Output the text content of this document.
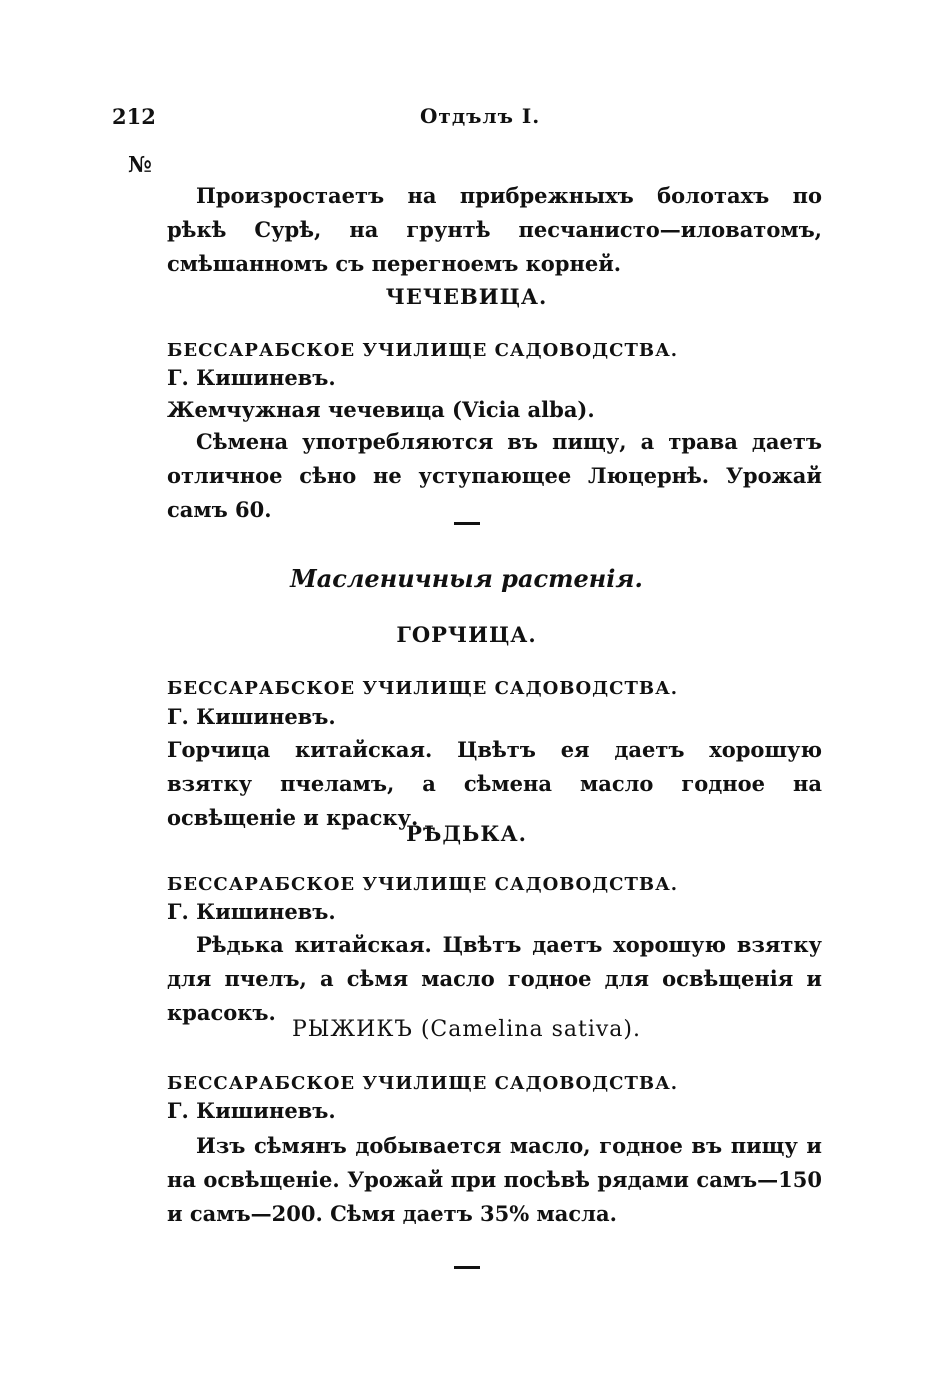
212	Отдълъ I.
№
Произростаетъ на прибрежныхъ болотахъ по рѣкѣ Сурѣ, на грунтѣ песчанисто—иловатомъ, смѣшанномъ съ перегноемъ корней.
ЧЕЧЕВИЦА.
БЕССАРАБСКОЕ УЧИЛИЩЕ САДОВОДСТВА.
Г. Кишиневъ.
Жемчужная чечевица (Vicia alba).
Сѣмена употребляются въ пищу, а трава даетъ отличное сѣно не уступающее Люцернѣ. Урожай самъ 60.
Масленичныя растенія.
ГОРЧИЦА.
БЕССАРАБСКОЕ УЧИЛИЩЕ САДОВОДСТВА.
Г. Кишиневъ.
Горчица китайская. Цвѣтъ ея даетъ хорошую взятку пчеламъ, а сѣмена масло годное на освѣщеніе и краску.
РѢДЬКА.
БЕССАРАБСКОЕ УЧИЛИЩЕ САДОВОДСТВА.
Г. Кишиневъ.
Рѣдька китайская. Цвѣтъ даетъ хорошую взятку для пчелъ, а сѣмя масло годное для освѣщенія и красокъ.
РЫЖИКЪ (Camelina sativa).
БЕССАРАБСКОЕ УЧИЛИЩЕ САДОВОДСТВА.
Г. Кишиневъ.
Изъ сѣмянъ добывается масло, годное въ пищу и на освѣщеніе. Урожай при посѣвѣ рядами самъ—150 и самъ—200. Сѣмя даетъ 35% масла.
